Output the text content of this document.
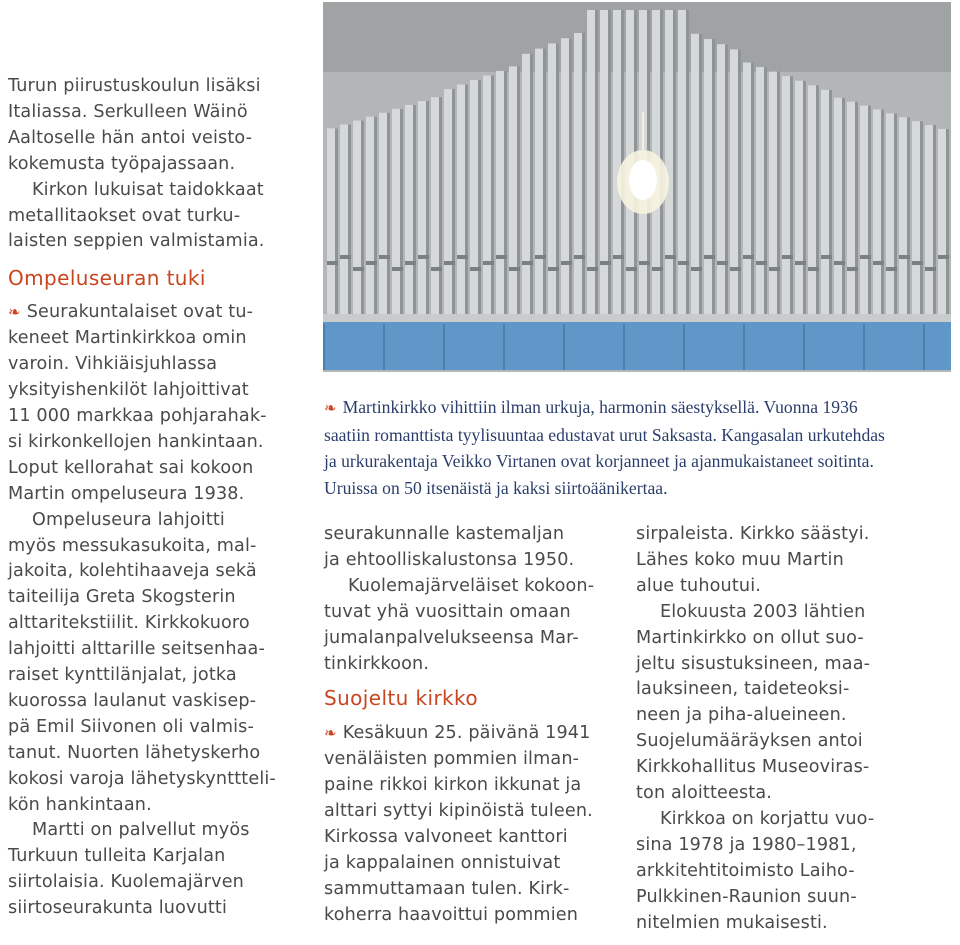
Turun piirustuskoulun lisäksi

Italiassa. Serkulleen Wäinö

Aaltoselle hän antoi veisto-

kokemusta työpajassaan.

Kirkon lukuisat taidokkaat

metallitaokset ovat turku-

laisten seppien valmistamia.

Ompeluseuran tuki

❧ Seurakuntalaiset ovat tu-

keneet Martinkirkkoa omin

varoin. Vihkiäisjuhlassa

yksityishenkilöt lahjoittivat

11 000 markkaa pohjarahak-

si kirkonkellojen hankintaan.

Loput kellorahat sai kokoon

Martin ompeluseura 1938.

Ompeluseura lahjoitti

myös messukasukoita, mal-

jakoita, kolehtihaaveja sekä

taiteilija Greta Skogsterin

alttaritekstiilit. Kirkkokuoro

lahjoitti alttarille seitsenhaa-

raiset kynttilänjalat, jotka

kuorossa laulanut vaskisep-

pä Emil Siivonen oli valmis-

tanut. Nuorten lähetyskerho

kokosi varoja lähetyskynttteli-

kön hankintaan.

Martti on palvellut myös

Turkuun tulleita Karjalan

siirtolaisia. Kuolemajärven

siirtoseurakunta luovutti

❧ Martinkirkko vihittiin ilman urkuja, harmonin säestyksellä. Vuonna 1936

saatiin romanttista tyylisuuntaa edustavat urut Saksasta. Kangasalan urkutehdas

ja urkurakentaja Veikko Virtanen ovat korjanneet ja ajanmukaistaneet soitinta.

Uruissa on 50 itsenäistä ja kaksi siirtoäänikertaa.

seurakunnalle kastemaljan

ja ehtoolliskalustonsa 1950.

Kuolemajärveläiset kokoon-

tuvat yhä vuosittain omaan

jumalanpalvelukseensa Mar-

tinkirkkoon.

Suojeltu kirkko

❧ Kesäkuun 25. päivänä 1941

venäläisten pommien ilman-

paine rikkoi kirkon ikkunat ja

alttari syttyi kipinöistä tuleen.

Kirkossa valvoneet kanttori

ja kappalainen onnistuivat

sammuttamaan tulen. Kirk-

koherra haavoittui pommien

sirpaleista. Kirkko säästyi.

Lähes koko muu Martin

alue tuhoutui.

Elokuusta 2003 lähtien

Martinkirkko on ollut suo-

jeltu sisustuksineen, maa-

lauksineen, taideteoksi-

neen ja piha-alueineen.

Suojelumääräyksen antoi

Kirkkohallitus Museoviras-

ton aloitteesta.

Kirkkoa on korjattu vuo-

sina 1978 ja 1980–1981,

arkkitehtitoimisto Laiho-

Pulkkinen-Raunion suun-

nitelmien mukaisesti.
